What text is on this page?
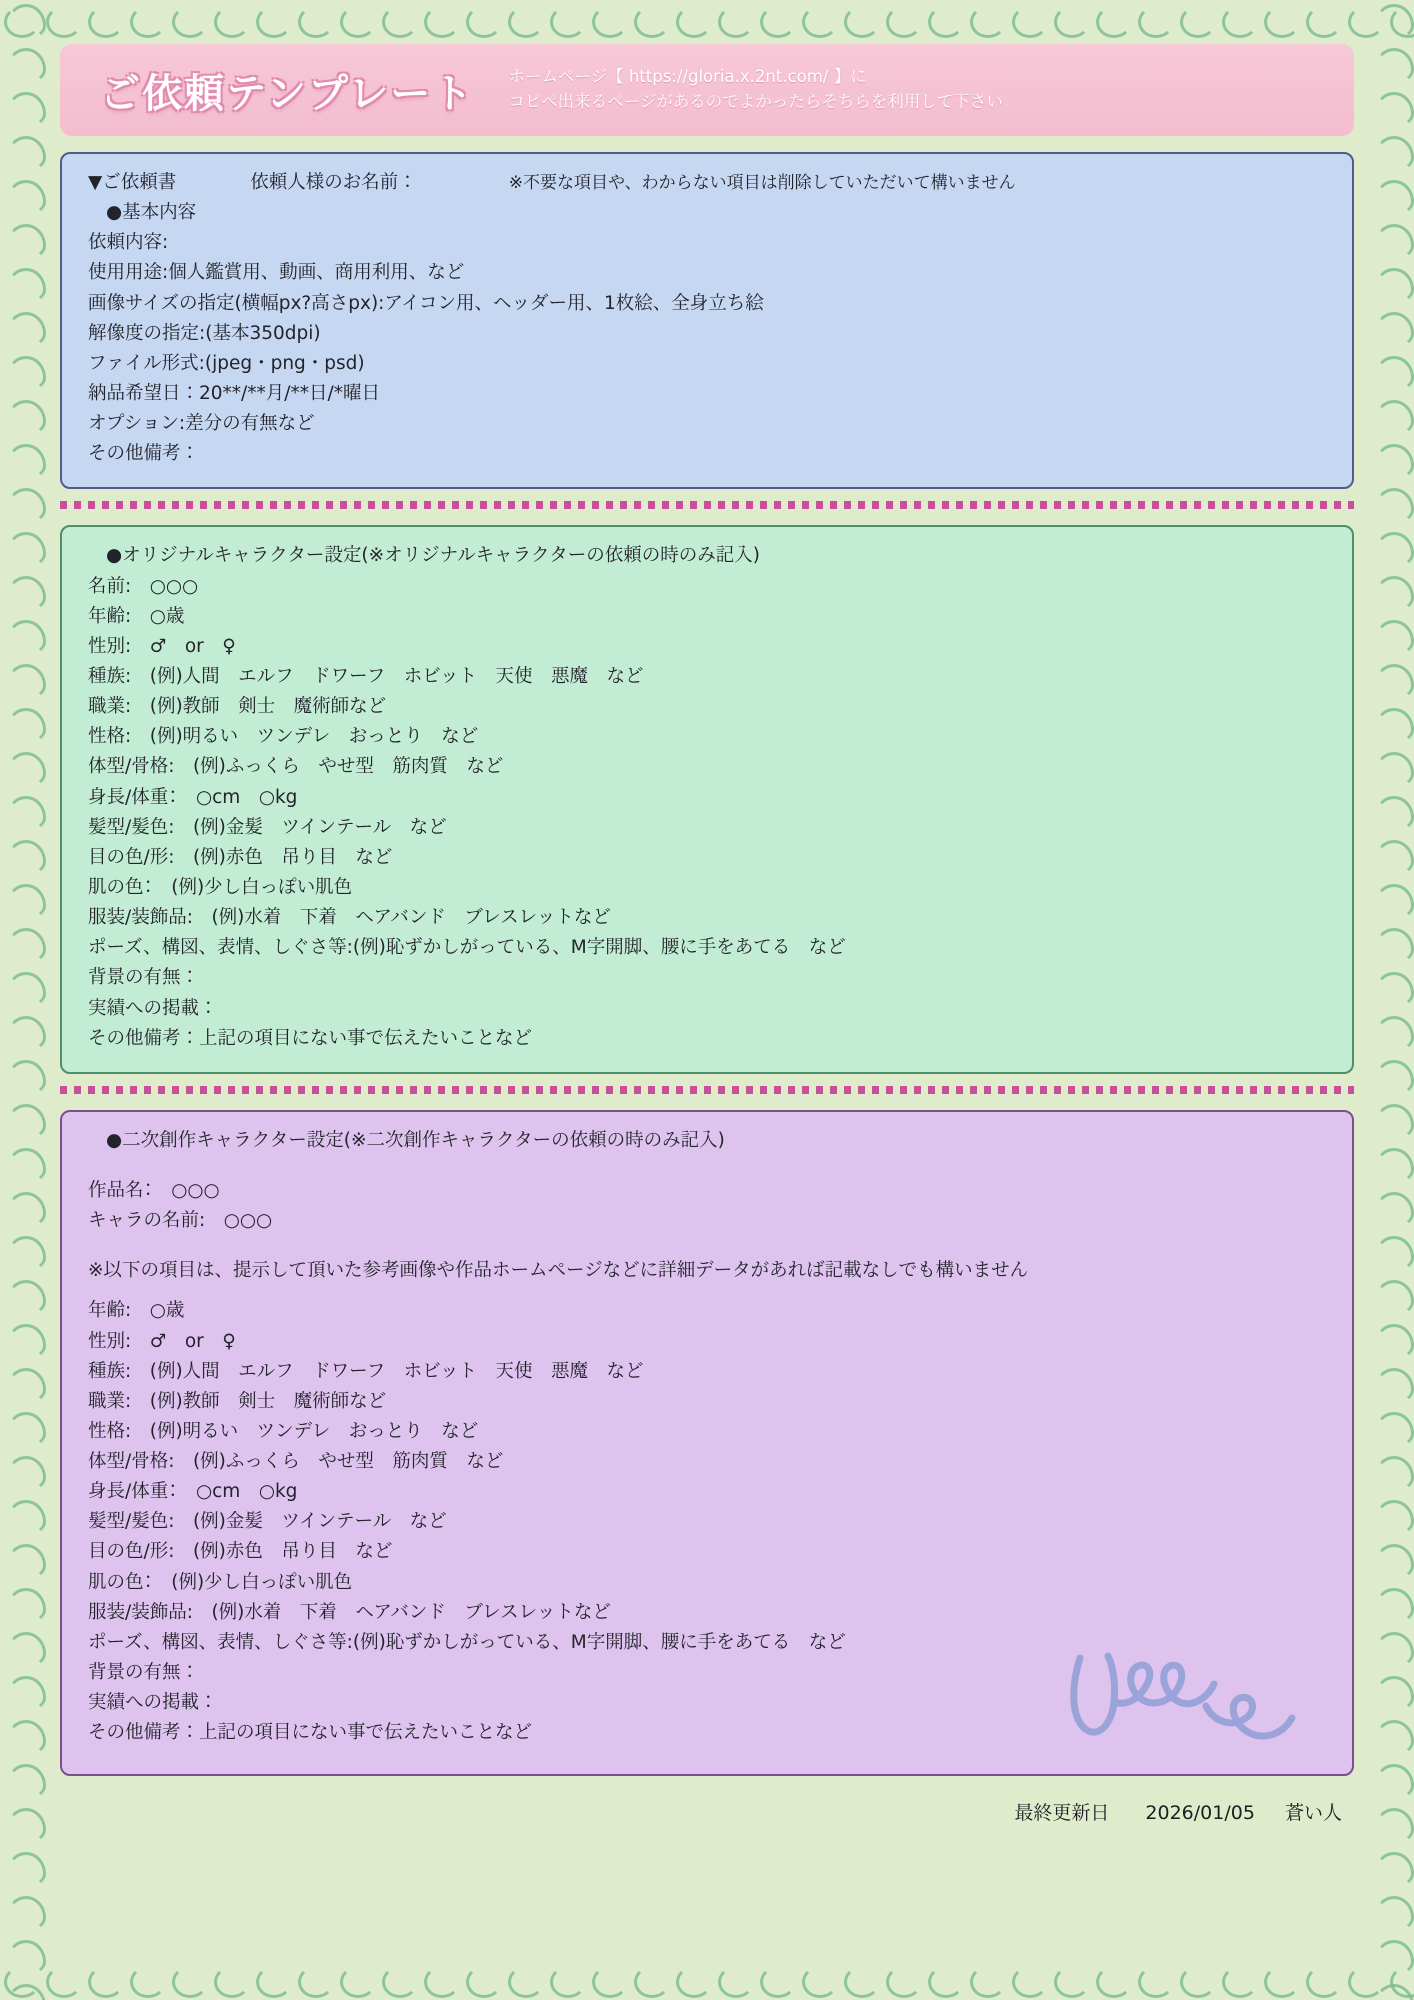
ご依頼テンプレート ホームページ【 https://gloria.x.2nt.com/ 】に
コピペ出来るページがあるのでよかったらそちらを利用して下さい
▼ご依頼書	依頼人様のお名前：	※不要な項目や、わからない項目は削除していただいて構いません
●基本内容
依頼内容:
使用用途:個人鑑賞用、動画、商用利用、など
画像サイズの指定(横幅px?高さpx):アイコン用、ヘッダー用、1枚絵、全身立ち絵
解像度の指定:(基本350dpi)
ファイル形式:(jpeg・png・psd)
納品希望日：20**/**月/**日/*曜日
オプション:差分の有無など
その他備考：
●オリジナルキャラクター設定(※オリジナルキャラクターの依頼の時のみ記入)
名前:　○○○
年齢:　○歳
性別:　♂　or　♀
種族:　(例)人間　エルフ　ドワーフ　ホビット　天使　悪魔　など
職業:　(例)教師　剣士　魔術師など
性格:　(例)明るい　ツンデレ　おっとり　など
体型/骨格:　(例)ふっくら　やせ型　筋肉質　など
身長/体重：　○cm　○kg
髪型/髪色:　(例)金髪　ツインテール　など
目の色/形:　(例)赤色　吊り目　など
肌の色：　(例)少し白っぽい肌色
服装/装飾品:　(例)水着　下着　ヘアバンド　ブレスレットなど
ポーズ、構図、表情、しぐさ等:(例)恥ずかしがっている、M字開脚、腰に手をあてる　など
背景の有無：
実績への掲載：
その他備考：上記の項目にない事で伝えたいことなど
●二次創作キャラクター設定(※二次創作キャラクターの依頼の時のみ記入)
作品名：　○○○
キャラの名前:　○○○
※以下の項目は、提示して頂いた参考画像や作品ホームページなどに詳細データがあれば記載なしでも構いません
年齢:　○歳
性別:　♂　or　♀
種族:　(例)人間　エルフ　ドワーフ　ホビット　天使　悪魔　など
職業:　(例)教師　剣士　魔術師など
性格:　(例)明るい　ツンデレ　おっとり　など
体型/骨格:　(例)ふっくら　やせ型　筋肉質　など
身長/体重：　○cm　○kg
髪型/髪色:　(例)金髪　ツインテール　など
目の色/形:　(例)赤色　吊り目　など
肌の色：　(例)少し白っぽい肌色
服装/装飾品:　(例)水着　下着　ヘアバンド　ブレスレットなど
ポーズ、構図、表情、しぐさ等:(例)恥ずかしがっている、M字開脚、腰に手をあてる　など
背景の有無：
実績への掲載：
その他備考：上記の項目にない事で伝えたいことなど
最終更新日 2026/01/05 蒼い人
